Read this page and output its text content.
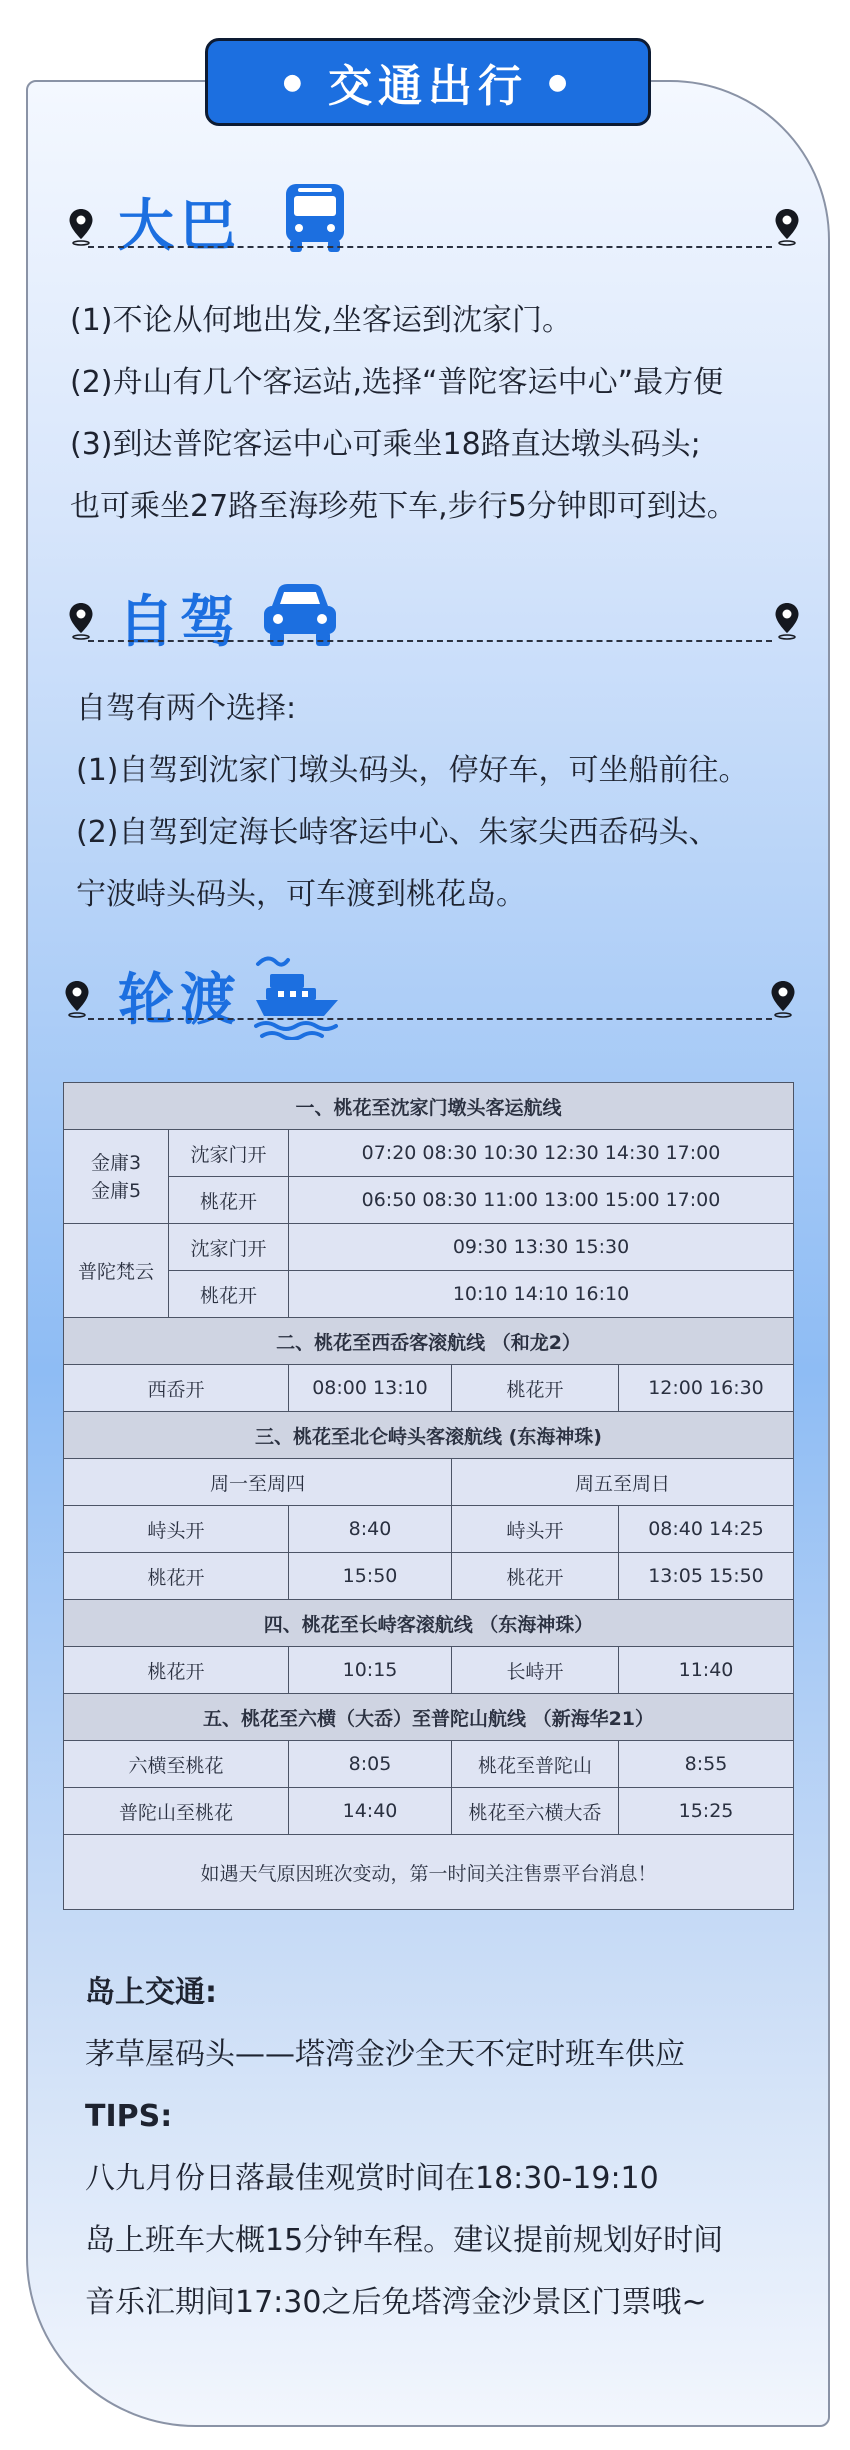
● 交通出行 ●
大巴
(1)不论从何地出发,坐客运到沈家门。
(2)舟山有几个客运站,选择“普陀客运中心”最方便
(3)到达普陀客运中心可乘坐18路直达墩头码头;
也可乘坐27路至海珍苑下车,步行5分钟即可到达。
自驾
自驾有两个选择:
(1)自驾到沈家门墩头码头，停好车，可坐船前往。
(2)自驾到定海长峙客运中心、朱家尖西岙码头、
宁波峙头码头，可车渡到桃花岛。
轮渡
一、桃花至沈家门墩头客运航线				
金庸3
金庸5	沈家门开	07:20 08:30 10:30 12:30 14:30 17:00		
	桃花开	06:50 08:30 11:00 13:00 15:00 17:00		
普陀梵云	沈家门开	09:30 13:30 15:30		
	桃花开	10:10 14:10 16:10		
二、桃花至西岙客滚航线 （和龙2）				
西岙开		08:00 13:10	桃花开	12:00 16:30
三、桃花至北仑峙头客滚航线 (东海神珠)				
周一至周四			周五至周日	
峙头开		8:40	峙头开	08:40 14:25
桃花开		15:50	桃花开	13:05 15:50
四、桃花至长峙客滚航线 （东海神珠）				
桃花开		10:15	长峙开	11:40
五、桃花至六横（大岙）至普陀山航线 （新海华21）				
六横至桃花		8:05	桃花至普陀山	8:55
普陀山至桃花		14:40	桃花至六横大岙	15:25
如遇天气原因班次变动，第一时间关注售票平台消息！				
岛上交通:
茅草屋码头——塔湾金沙全天不定时班车供应
TIPS:
八九月份日落最佳观赏时间在18:30-19:10
岛上班车大概15分钟车程。建议提前规划好时间
音乐汇期间17:30之后免塔湾金沙景区门票哦~
